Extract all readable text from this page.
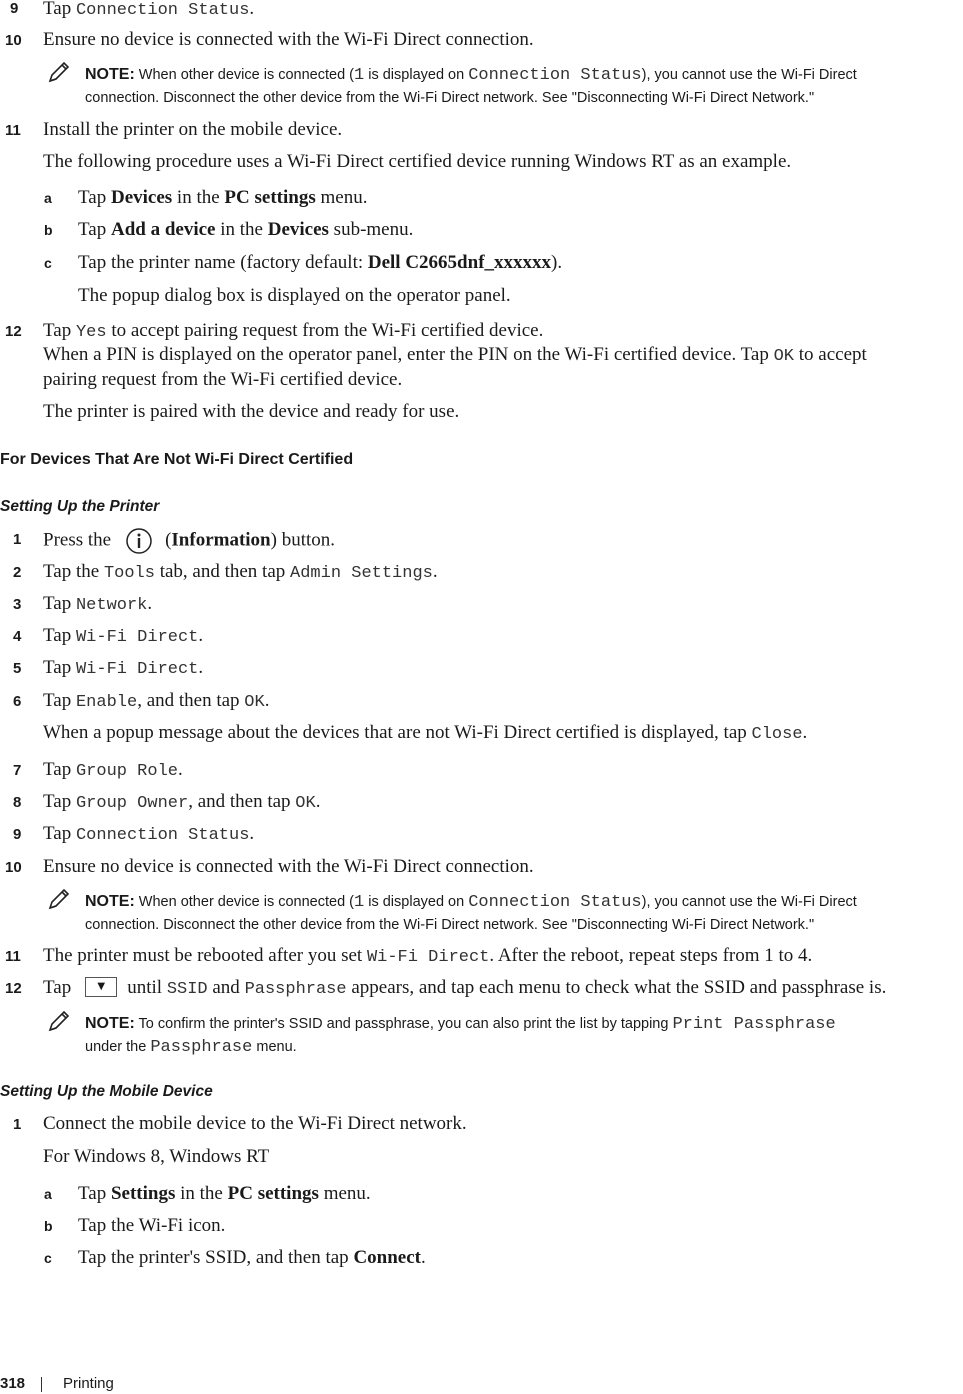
9 Tap Connection Status.
10 Ensure no device is connected with the Wi-Fi Direct connection.
NOTE: When other device is connected (1 is displayed on Connection Status), you cannot use the Wi-Fi Direct
connection. Disconnect the other device from the Wi-Fi Direct network. See "Disconnecting Wi-Fi Direct Network."
11 Install the printer on the mobile device.
The following procedure uses a Wi-Fi Direct certified device running Windows RT as an example.
a Tap Devices in the PC settings menu.
b Tap Add a device in the Devices sub-menu.
c Tap the printer name (factory default: Dell C2665dnf_xxxxxx).
The popup dialog box is displayed on the operator panel.
12 Tap Yes to accept pairing request from the Wi-Fi certified device.
When a PIN is displayed on the operator panel, enter the PIN on the Wi-Fi certified device. Tap OK to accept
pairing request from the Wi-Fi certified device.
The printer is paired with the device and ready for use.
For Devices That Are Not Wi-Fi Direct Certified
Setting Up the Printer
1 Press the	(Information) button.
2 Tap the Tools tab, and then tap Admin Settings.
3 Tap Network.
4 Tap Wi-Fi Direct.
5 Tap Wi-Fi Direct.
6 Tap Enable, and then tap OK.
When a popup message about the devices that are not Wi-Fi Direct certified is displayed, tap Close.
7 Tap Group Role.
8 Tap Group Owner, and then tap OK.
9 Tap Connection Status.
10 Ensure no device is connected with the Wi-Fi Direct connection.
NOTE: When other device is connected (1 is displayed on Connection Status), you cannot use the Wi-Fi Direct
connection. Disconnect the other device from the Wi-Fi Direct network. See "Disconnecting Wi-Fi Direct Network."
11 The printer must be rebooted after you set Wi-Fi Direct. After the reboot, repeat steps from 1 to 4.
12 Tap	▼ until SSID and Passphrase appears, and tap each menu to check what the SSID and passphrase is.
NOTE: To confirm the printer's SSID and passphrase, you can also print the list by tapping Print Passphrase
under the Passphrase menu.
Setting Up the Mobile Device
1 Connect the mobile device to the Wi-Fi Direct network.
For Windows 8, Windows RT
a Tap Settings in the PC settings menu.
b Tap the Wi-Fi icon.
c Tap the printer's SSID, and then tap Connect.
318	Printing
